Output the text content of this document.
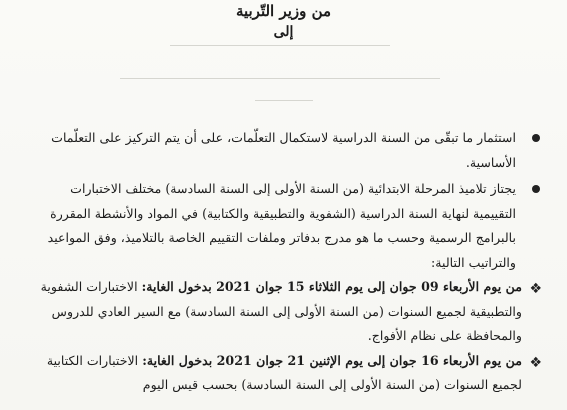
من وزير التّربية
إلى
استثمار ما تبقّى من السنة الدراسية لاستكمال التعلّمات، على أن يتم التركيز على التعلّمات الأساسية.
يجتاز تلاميذ المرحلة الابتدائية (من السنة الأولى إلى السنة السادسة) مختلف الاختبارات التقييمية لنهاية السنة الدراسية (الشفوية والتطبيقية والكتابية) في المواد والأنشطة المقررة بالبرامج الرسمية وحسب ما هو مدرج بدفاتر وملفات التقييم الخاصة بالتلاميذ، وفق المواعيد والتراتيب التالية:
❖
من يوم الأربعاء 09 جوان إلى يوم الثلاثاء 15 جوان 2021 بدخول الغاية: الاختبارات الشفوية والتطبيقية لجميع السنوات (من السنة الأولى إلى السنة السادسة) مع السير العادي للدروس والمحافظة على نظام الأفواج.
❖
من يوم الأربعاء 16 جوان إلى يوم الإثنين 21 جوان 2021 بدخول الغاية: الاختبارات الكتابية لجميع السنوات (من السنة الأولى إلى السنة السادسة) بحسب قيس اليوم
